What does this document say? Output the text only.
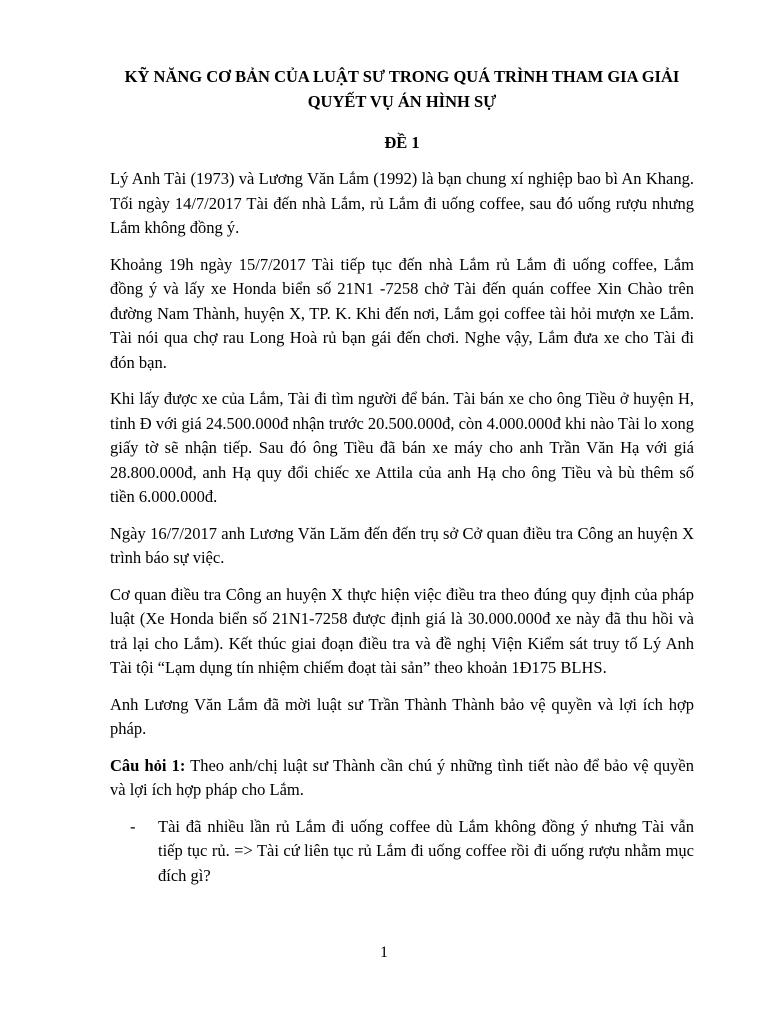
KỸ NĂNG CƠ BẢN CỦA LUẬT SƯ TRONG QUÁ TRÌNH THAM GIA GIẢI QUYẾT VỤ ÁN HÌNH SỰ

ĐỀ 1

Lý Anh Tài (1973) và Lương Văn Lắm (1992) là bạn chung xí nghiệp bao bì An Khang. Tối ngày 14/7/2017 Tài đến nhà Lắm, rủ Lắm đi uống coffee, sau đó uống rượu nhưng Lắm không đồng ý.

Khoảng 19h ngày 15/7/2017 Tài tiếp tục đến nhà Lắm rủ Lắm đi uống coffee, Lắm đồng ý và lấy xe Honda biển số 21N1 -7258 chở Tài đến quán coffee Xin Chào trên đường Nam Thành, huyện X, TP. K. Khi đến nơi, Lắm gọi coffee tài hỏi mượn xe Lắm. Tài nói qua chợ rau Long Hoà rủ bạn gái đến chơi. Nghe vậy, Lắm đưa xe cho Tài đi đón bạn.

Khi lấy được xe của Lắm, Tài đi tìm người để bán. Tài bán xe cho ông Tiều ở huyện H, tỉnh Đ với giá 24.500.000đ nhận trước 20.500.000đ, còn 4.000.000đ khi nào Tài lo xong giấy tờ sẽ nhận tiếp. Sau đó ông Tiều đã bán xe máy cho anh Trần Văn Hạ với giá 28.800.000đ, anh Hạ quy đổi chiếc xe Attila của anh Hạ cho ông Tiều và bù thêm số tiền 6.000.000đ.

Ngày 16/7/2017 anh Lương Văn Lăm đến đến trụ sở Cở quan điều tra Công an huyện X trình báo sự việc.

Cơ quan điều tra Công an huyện X thực hiện việc điều tra theo đúng quy định của pháp luật (Xe Honda biển số 21N1-7258 được định giá là 30.000.000đ xe này đã thu hồi và trả lại cho Lắm). Kết thúc giai đoạn điều tra và đề nghị Viện Kiểm sát truy tố Lý Anh Tài tội “Lạm dụng tín nhiệm chiếm đoạt tài sản” theo khoản 1Đ175 BLHS.

Anh Lương Văn Lắm đã mời luật sư Trần Thành Thành bảo vệ quyền và lợi ích hợp pháp.

Câu hỏi 1: Theo anh/chị luật sư Thành cần chú ý những tình tiết nào để bảo vệ quyền và lợi ích hợp pháp cho Lắm.

-	Tài đã nhiều lần rủ Lắm đi uống coffee dù Lắm không đồng ý nhưng Tài vẫn tiếp tục rủ. => Tài cứ liên tục rủ Lắm đi uống coffee rồi đi uống rượu nhằm mục đích gì?
1
